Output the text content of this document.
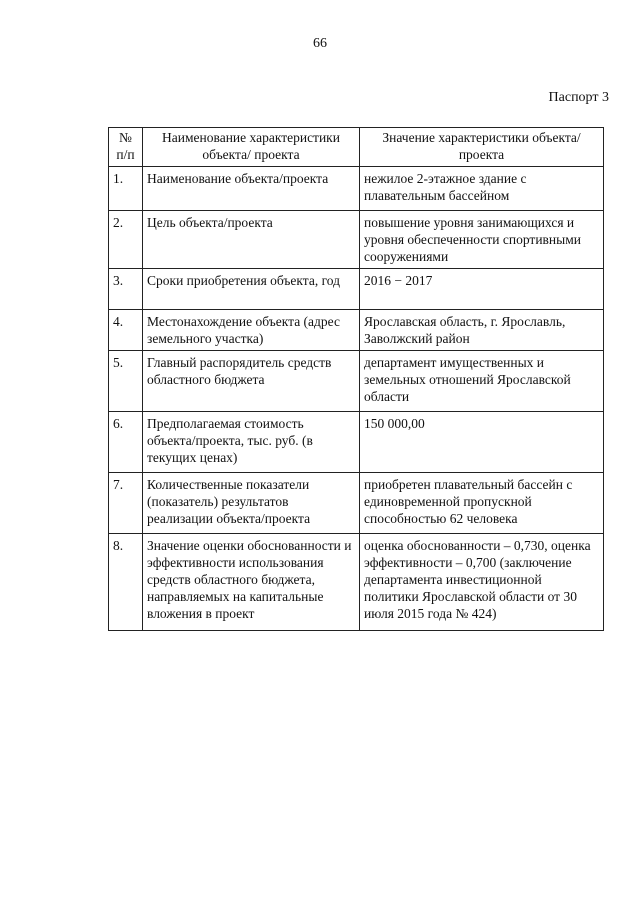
66
Паспорт 3
№ п/п	Наименование характеристики объекта/ проекта	Значение характеристики объекта/ проекта
1.	Наименование объекта/проекта	нежилое 2-этажное здание с плавательным бассейном
2.	Цель объекта/проекта	повышение уровня занимающихся и уровня обеспеченности спортивными сооружениями
3.	Сроки приобретения объекта, год	2016 − 2017
4.	Местонахождение объекта (адрес земельного участка)	Ярославская область, г. Ярославль, Заволжский район
5.	Главный распорядитель средств областного бюджета	департамент имущественных и земельных отношений Ярославской области
6.	Предполагаемая стоимость объекта/проекта, тыс. руб. (в текущих ценах)	150 000,00
7.	Количественные показатели (показатель) результатов реализации объекта/проекта	приобретен плавательный бассейн с единовременной пропускной способностью 62 человека
8.	Значение оценки обоснованности и эффективности использования средств областного бюджета, направляемых на капитальные вложения в проект	оценка обоснованности – 0,730, оценка эффективности – 0,700 (заключение департамента инвестиционной политики Ярославской области от 30 июля 2015 года № 424)
